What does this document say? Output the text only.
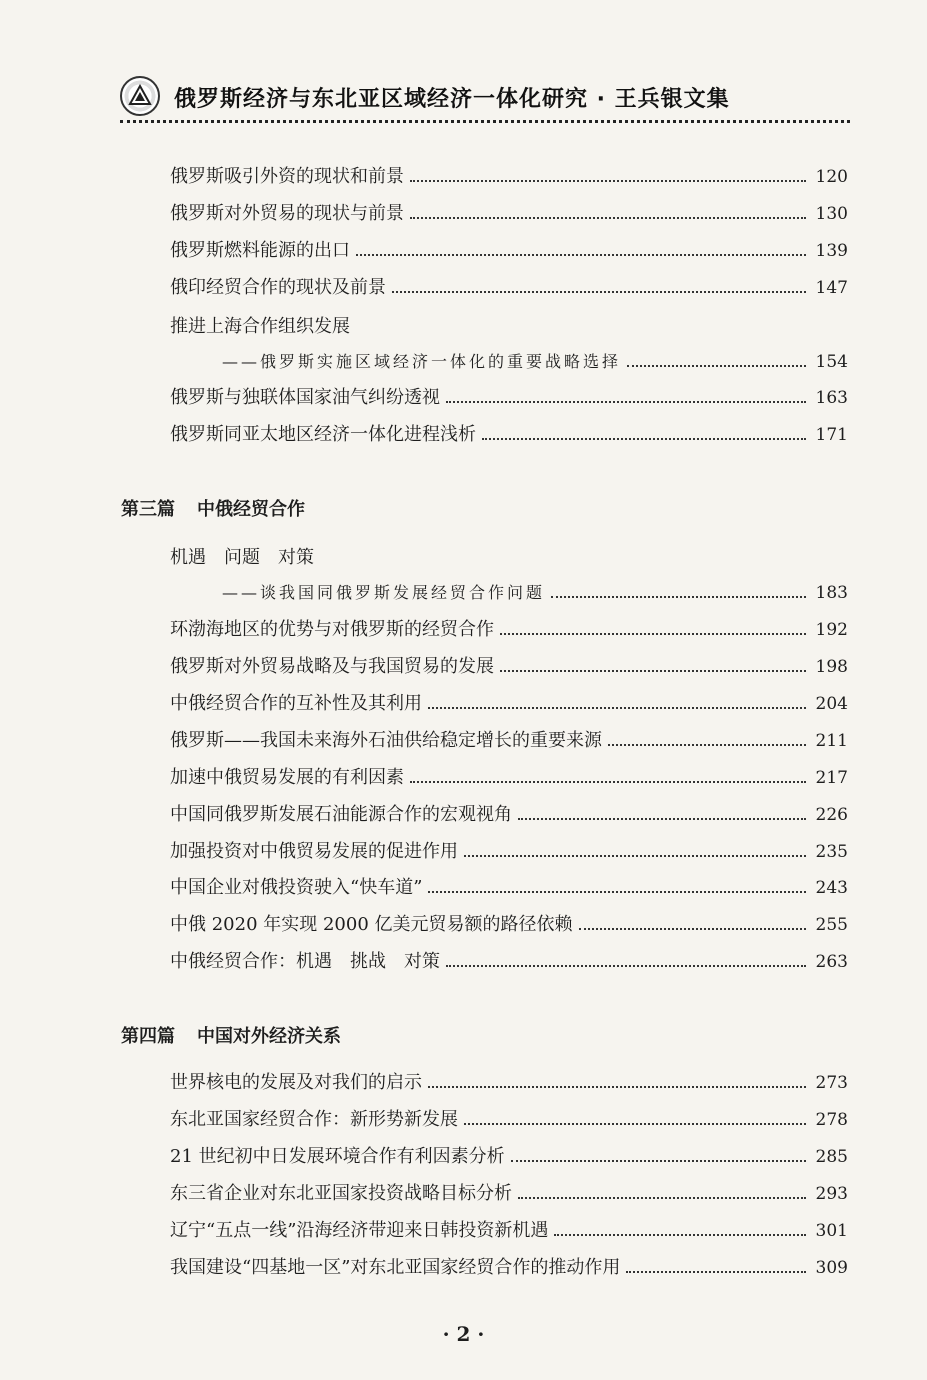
俄罗斯经济与东北亚区域经济一体化研究 · 王兵银文集
俄罗斯吸引外资的现状和前景	120
俄罗斯对外贸易的现状与前景	130
俄罗斯燃料能源的出口	139
俄印经贸合作的现状及前景	147
推进上海合作组织发展
——俄罗斯实施区域经济一体化的重要战略选择	154
俄罗斯与独联体国家油气纠纷透视	163
俄罗斯同亚太地区经济一体化进程浅析	171
第三篇 中俄经贸合作
机遇　问题　对策
——谈我国同俄罗斯发展经贸合作问题	183
环渤海地区的优势与对俄罗斯的经贸合作	192
俄罗斯对外贸易战略及与我国贸易的发展	198
中俄经贸合作的互补性及其利用	204
俄罗斯——我国未来海外石油供给稳定增长的重要来源	211
加速中俄贸易发展的有利因素	217
中国同俄罗斯发展石油能源合作的宏观视角	226
加强投资对中俄贸易发展的促进作用	235
中国企业对俄投资驶入“快车道”	243
中俄 2020 年实现 2000 亿美元贸易额的路径依赖	255
中俄经贸合作：机遇　挑战　对策	263
第四篇 中国对外经济关系
世界核电的发展及对我们的启示	273
东北亚国家经贸合作：新形势新发展	278
21 世纪初中日发展环境合作有利因素分析	285
东三省企业对东北亚国家投资战略目标分析	293
辽宁“五点一线”沿海经济带迎来日韩投资新机遇	301
我国建设“四基地一区”对东北亚国家经贸合作的推动作用	309
· 2 ·
